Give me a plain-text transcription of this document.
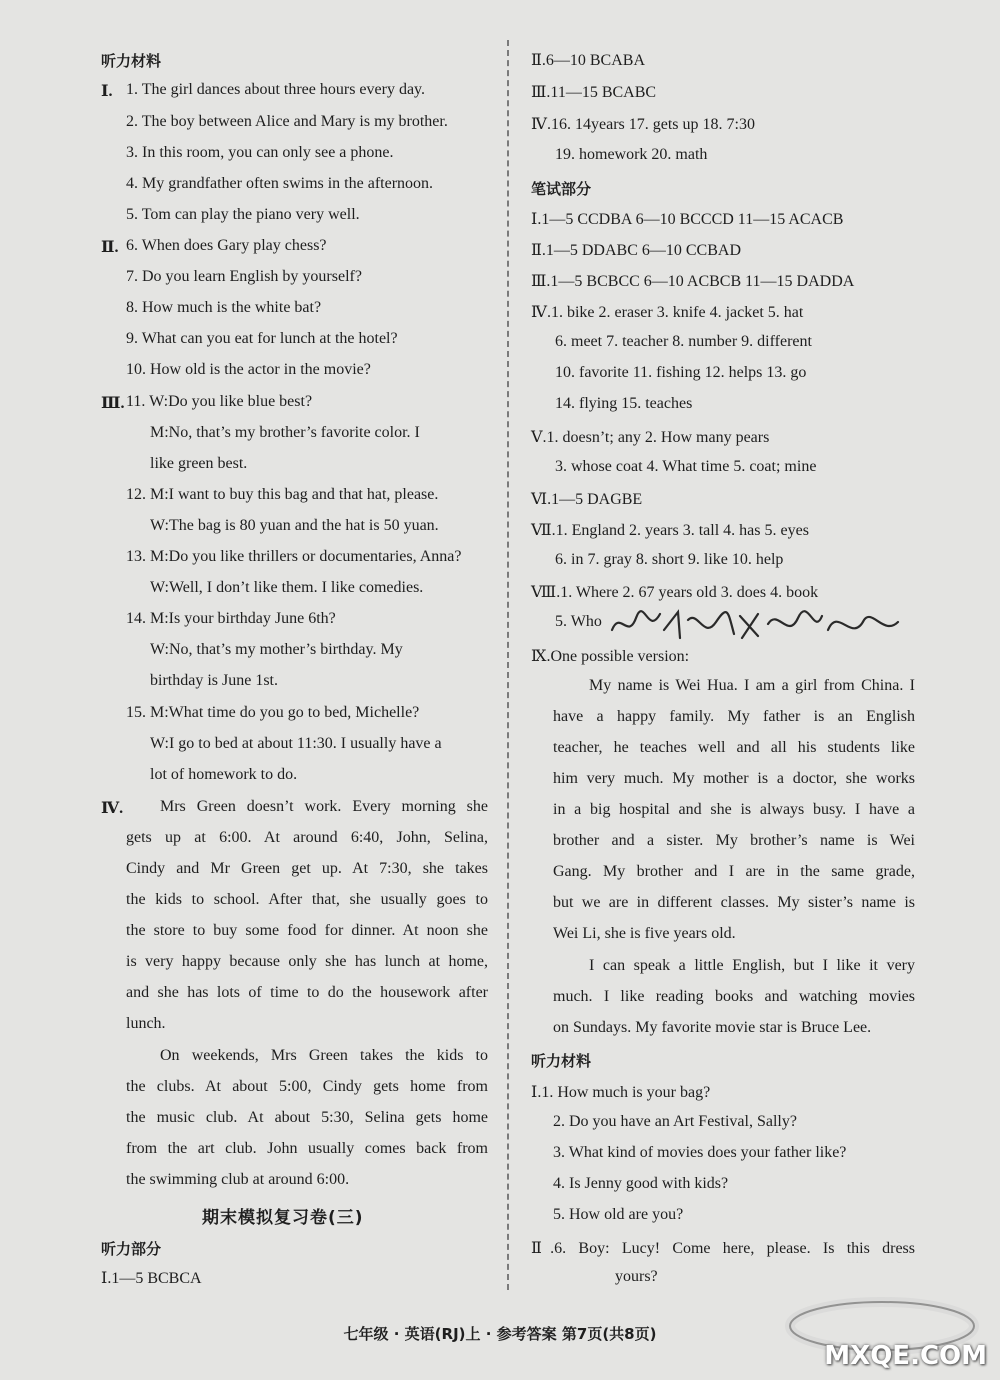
听力材料
Ⅰ. 1. The girl dances about three hours every day.
2. The boy between Alice and Mary is my brother.
3. In this room, you can only see a phone.
4. My grandfather often swims in the afternoon.
5. Tom can play the piano very well.
Ⅱ. 6. When does Gary play chess?
7. Do you learn English by yourself?
8. How much is the white bat?
9. What can you eat for lunch at the hotel?
10. How old is the actor in the movie?
Ⅲ. 11. W:Do you like blue best?
M:No, that’s my brother’s favorite color. I
like green best.
12. M:I want to buy this bag and that hat, please.
W:The bag is 80 yuan and the hat is 50 yuan.
13. M:Do you like thrillers or documentaries, Anna?
W:Well, I don’t like them. I like comedies.
14. M:Is your birthday June 6th?
W:No, that’s my mother’s birthday. My
birthday is June 1st.
15. M:What time do you go to bed, Michelle?
W:I go to bed at about 11:30. I usually have a
lot of homework to do.
Ⅳ. Mrs Green doesn’t work. Every morning she
gets up at 6:00. At around 6:40, John, Selina,
Cindy and Mr Green get up. At 7:30, she takes
the kids to school. After that, she usually goes to
the store to buy some food for dinner. At noon she
is very happy because only she has lunch at home,
and she has lots of time to do the housework after
lunch.
On weekends, Mrs Green takes the kids to
the clubs. At about 5:00, Cindy gets home from
the music club. At about 5:30, Selina gets home
from the art club. John usually comes back from
the swimming club at around 6:00.
期末模拟复习卷(三)
听力部分
Ⅰ.1—5 BCBCA
Ⅱ.6—10 BCABA
Ⅲ.11—15 BCABC
Ⅳ.16. 14years 17. gets up 18. 7:30
19. homework 20. math
笔试部分
Ⅰ.1—5 CCDBA 6—10 BCCCD 11—15 ACACB
Ⅱ.1—5 DDABC 6—10 CCBAD
Ⅲ.1—5 BCBCC 6—10 ACBCB 11—15 DADDA
Ⅳ.1. bike 2. eraser 3. knife 4. jacket 5. hat
6. meet 7. teacher 8. number 9. different
10. favorite 11. fishing 12. helps 13. go
14. flying 15. teaches
Ⅴ.1. doesn’t; any 2. How many pears
3. whose coat 4. What time 5. coat; mine
Ⅵ.1—5 DAGBE
Ⅶ.1. England 2. years 3. tall 4. has 5. eyes
6. in 7. gray 8. short 9. like 10. help
Ⅷ.1. Where 2. 67 years old 3. does 4. book
5. Who
Ⅸ.One possible version:
My name is Wei Hua. I am a girl from China. I
have a happy family. My father is an English
teacher, he teaches well and all his students like
him very much. My mother is a doctor, she works
in a big hospital and she is always busy. I have a
brother and a sister. My brother’s name is Wei
Gang. My brother and I are in the same grade,
but we are in different classes. My sister’s name is
Wei Li, she is five years old.
I can speak a little English, but I like it very
much. I like reading books and watching movies
on Sundays. My favorite movie star is Bruce Lee.
听力材料
Ⅰ.1. How much is your bag?
2. Do you have an Art Festival, Sally?
3. What kind of movies does your father like?
4. Is Jenny good with kids?
5. How old are you?
Ⅱ.6. Boy: Lucy! Come here, please. Is this dress
yours?
七年级 · 英语(RJ)上 · 参考答案 第7页(共8页)
MXQE.COM
